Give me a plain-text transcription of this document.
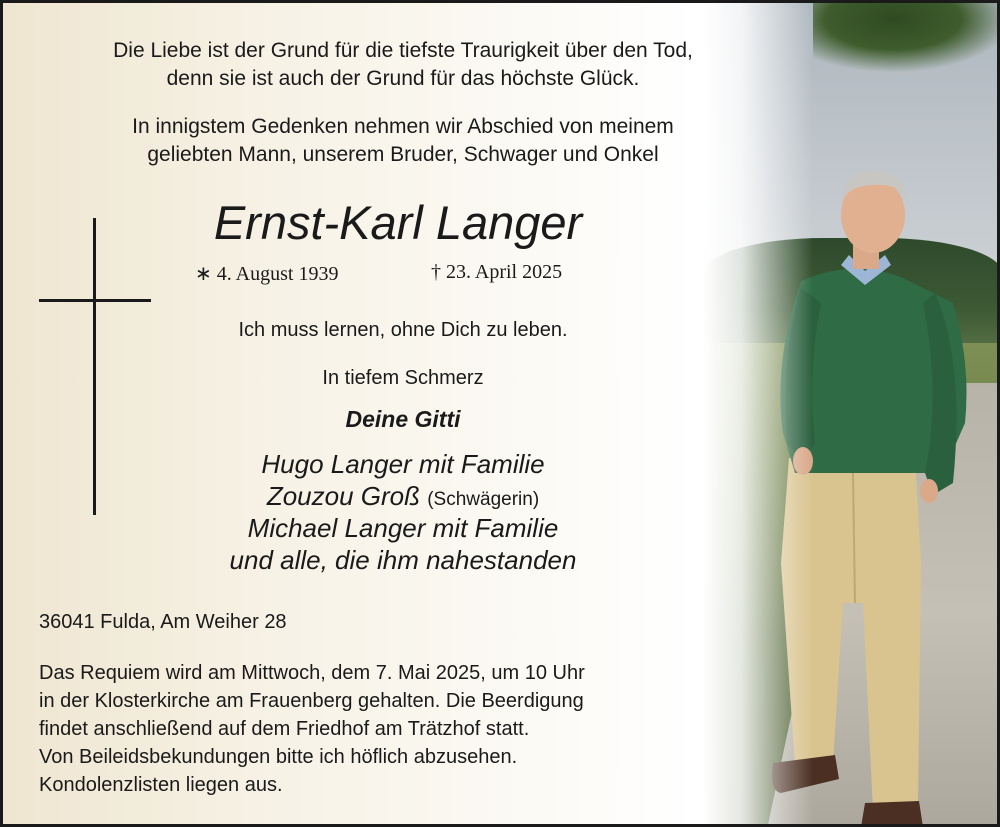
Die Liebe ist der Grund für die tiefste Traurigkeit über den Tod,
denn sie ist auch der Grund für das höchste Glück.
In innigstem Gedenken nehmen wir Abschied von meinem
geliebten Mann, unserem Bruder, Schwager und Onkel
Ernst-Karl Langer
∗ 4. August 1939	† 23. April 2025
Ich muss lernen, ohne Dich zu leben.
In tiefem Schmerz
Deine Gitti
Hugo Langer mit Familie
Zouzou Groß (Schwägerin)
Michael Langer mit Familie
und alle, die ihm nahestanden
36041 Fulda, Am Weiher 28
Das Requiem wird am Mittwoch, dem 7. Mai 2025, um 10 Uhr
in der Klosterkirche am Frauenberg gehalten. Die Beerdigung
findet anschließend auf dem Friedhof am Trätzhof statt.
Von Beileidsbekundungen bitte ich höflich abzusehen.
Kondolenzlisten liegen aus.
